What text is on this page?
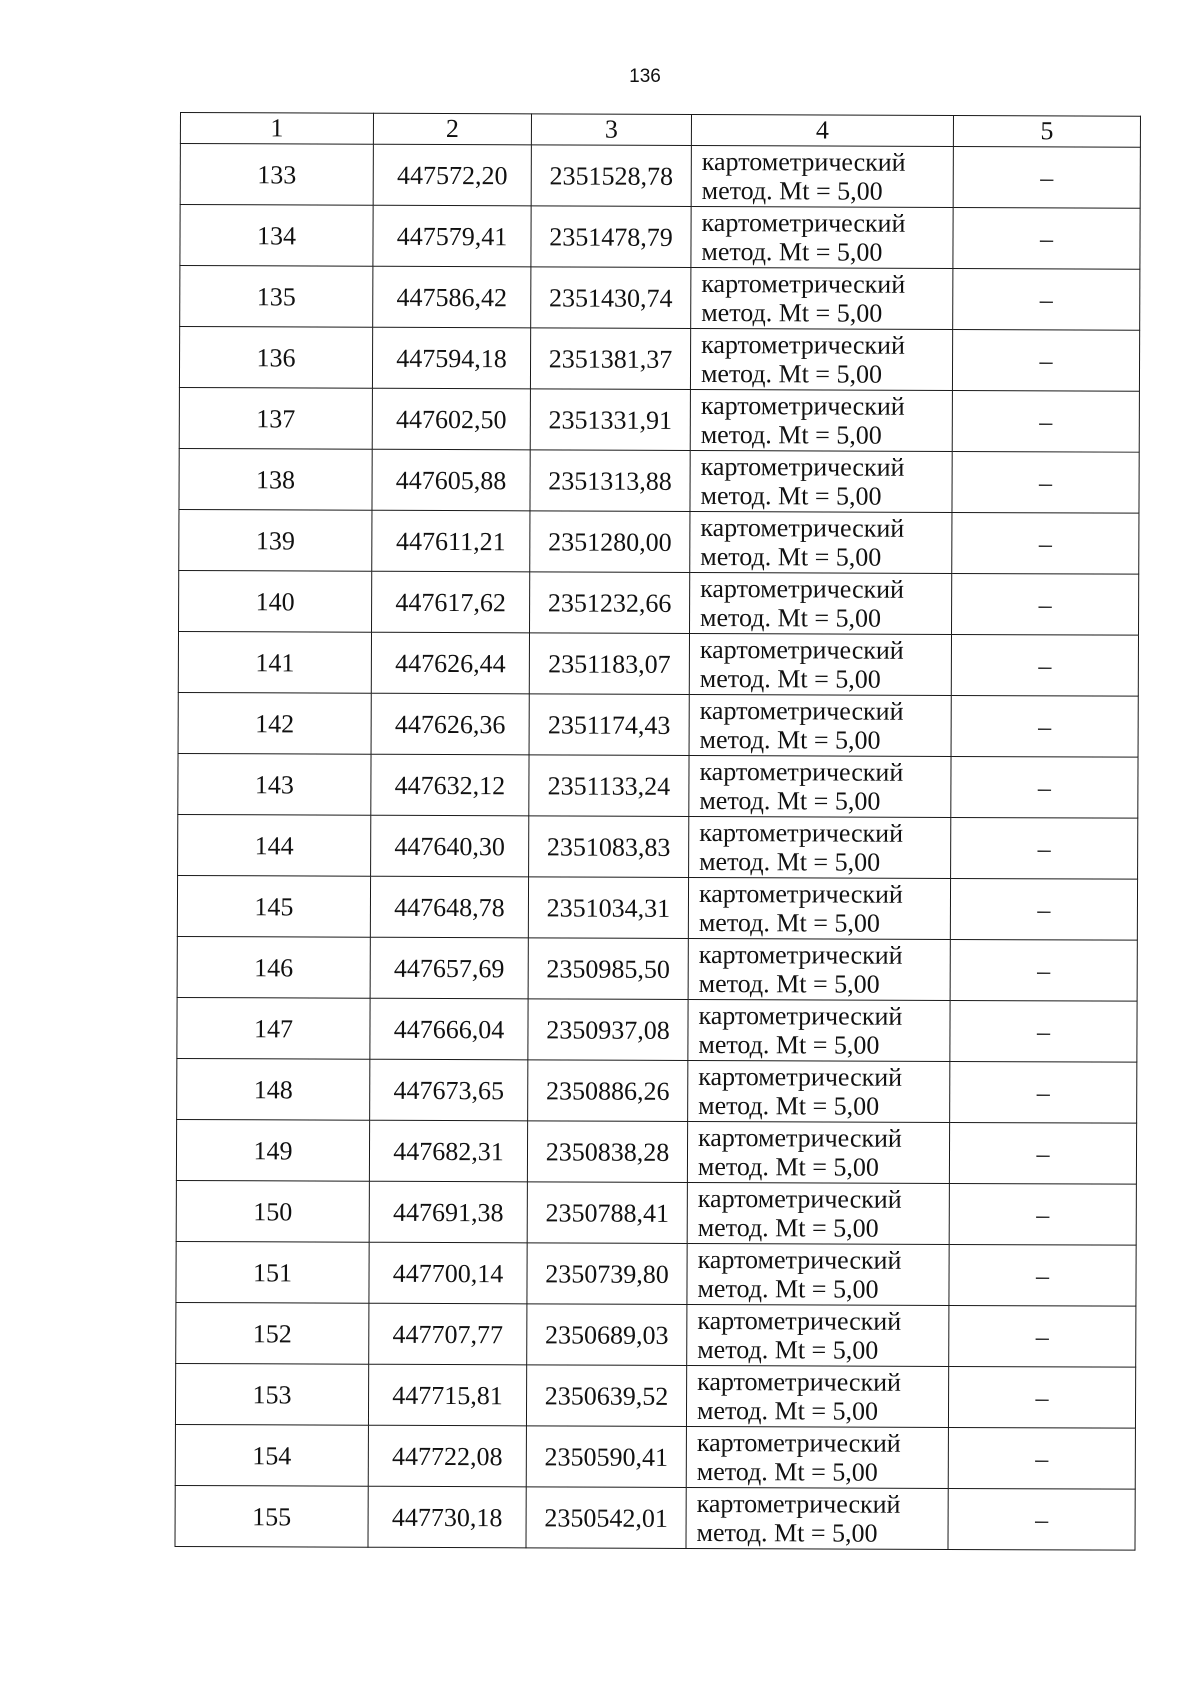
136
1	2	3	4	5
133	447572,20	2351528,78	картометрический
метод. Mt = 5,00	–
134	447579,41	2351478,79	картометрический
метод. Mt = 5,00	–
135	447586,42	2351430,74	картометрический
метод. Mt = 5,00	–
136	447594,18	2351381,37	картометрический
метод. Mt = 5,00	–
137	447602,50	2351331,91	картометрический
метод. Mt = 5,00	–
138	447605,88	2351313,88	картометрический
метод. Mt = 5,00	–
139	447611,21	2351280,00	картометрический
метод. Mt = 5,00	–
140	447617,62	2351232,66	картометрический
метод. Mt = 5,00	–
141	447626,44	2351183,07	картометрический
метод. Mt = 5,00	–
142	447626,36	2351174,43	картометрический
метод. Mt = 5,00	–
143	447632,12	2351133,24	картометрический
метод. Mt = 5,00	–
144	447640,30	2351083,83	картометрический
метод. Mt = 5,00	–
145	447648,78	2351034,31	картометрический
метод. Mt = 5,00	–
146	447657,69	2350985,50	картометрический
метод. Mt = 5,00	–
147	447666,04	2350937,08	картометрический
метод. Mt = 5,00	–
148	447673,65	2350886,26	картометрический
метод. Mt = 5,00	–
149	447682,31	2350838,28	картометрический
метод. Mt = 5,00	–
150	447691,38	2350788,41	картометрический
метод. Mt = 5,00	–
151	447700,14	2350739,80	картометрический
метод. Mt = 5,00	–
152	447707,77	2350689,03	картометрический
метод. Mt = 5,00	–
153	447715,81	2350639,52	картометрический
метод. Mt = 5,00	–
154	447722,08	2350590,41	картометрический
метод. Mt = 5,00	–
155	447730,18	2350542,01	картометрический
метод. Mt = 5,00	–
